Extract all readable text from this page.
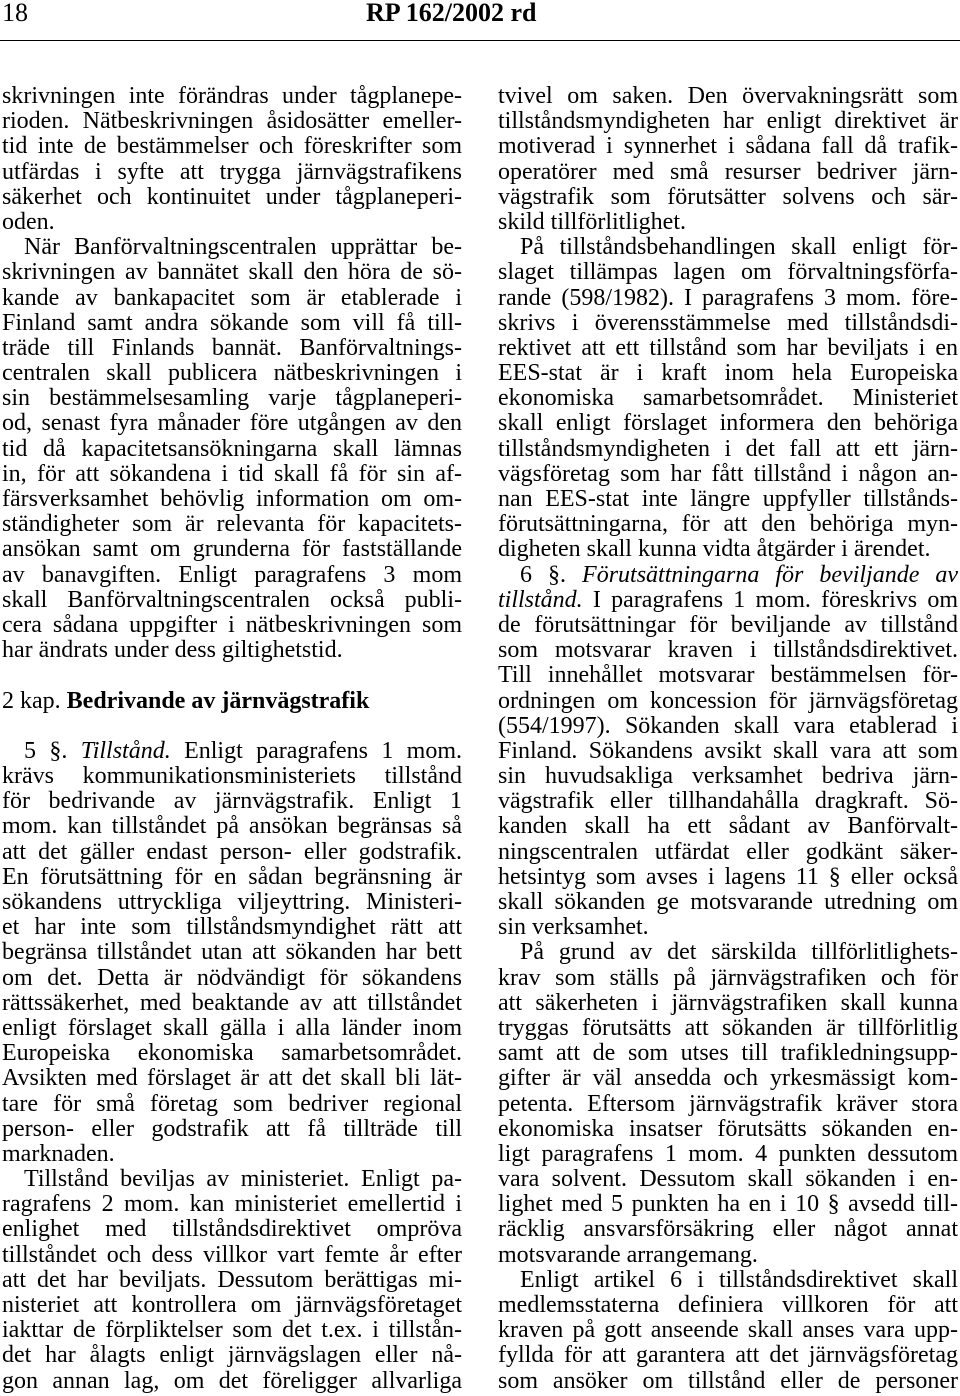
18	RP 162/2002 rd
skrivningen inte förändras under tågplanepe-
rioden. Nätbeskrivningen åsidosätter emeller-
tid inte de bestämmelser och föreskrifter som
utfärdas i syfte att trygga järnvägstrafikens
säkerhet och kontinuitet under tågplaneperi-
oden.
När Banförvaltningscentralen upprättar be-
skrivningen av bannätet skall den höra de sö-
kande av bankapacitet som är etablerade i
Finland samt andra sökande som vill få till-
träde till Finlands bannät. Banförvaltnings-
centralen skall publicera nätbeskrivningen i
sin bestämmelsesamling varje tågplaneperi-
od, senast fyra månader före utgången av den
tid då kapacitetsansökningarna skall lämnas
in, för att sökandena i tid skall få för sin af-
färsverksamhet behövlig information om om-
ständigheter som är relevanta för kapacitets-
ansökan samt om grunderna för fastställande
av banavgiften. Enligt paragrafens 3 mom
skall Banförvaltningscentralen också publi-
cera sådana uppgifter i nätbeskrivningen som
har ändrats under dess giltighetstid.
2 kap. Bedrivande av järnvägstrafik
5 §. Tillstånd. Enligt paragrafens 1 mom.
krävs kommunikationsministeriets tillstånd
för bedrivande av järnvägstrafik. Enligt 1
mom. kan tillståndet på ansökan begränsas så
att det gäller endast person- eller godstrafik.
En förutsättning för en sådan begränsning är
sökandens uttryckliga viljeyttring. Ministeri-
et har inte som tillståndsmyndighet rätt att
begränsa tillståndet utan att sökanden har bett
om det. Detta är nödvändigt för sökandens
rättssäkerhet, med beaktande av att tillståndet
enligt förslaget skall gälla i alla länder inom
Europeiska ekonomiska samarbetsområdet.
Avsikten med förslaget är att det skall bli lät-
tare för små företag som bedriver regional
person- eller godstrafik att få tillträde till
marknaden.
Tillstånd beviljas av ministeriet. Enligt pa-
ragrafens 2 mom. kan ministeriet emellertid i
enlighet med tillståndsdirektivet ompröva
tillståndet och dess villkor vart femte år efter
att det har beviljats. Dessutom berättigas mi-
nisteriet att kontrollera om järnvägsföretaget
iakttar de förpliktelser som det t.ex. i tillstån-
det har ålagts enligt järnvägslagen eller nå-
gon annan lag, om det föreligger allvarliga
tvivel om saken. Den övervakningsrätt som
tillståndsmyndigheten har enligt direktivet är
motiverad i synnerhet i sådana fall då trafik-
operatörer med små resurser bedriver järn-
vägstrafik som förutsätter solvens och sär-
skild tillförlitlighet.
På tillståndsbehandlingen skall enligt för-
slaget tillämpas lagen om förvaltningsförfa-
rande (598/1982). I paragrafens 3 mom. före-
skrivs i överensstämmelse med tillståndsdi-
rektivet att ett tillstånd som har beviljats i en
EES-stat är i kraft inom hela Europeiska
ekonomiska samarbetsområdet. Ministeriet
skall enligt förslaget informera den behöriga
tillståndsmyndigheten i det fall att ett järn-
vägsföretag som har fått tillstånd i någon an-
nan EES-stat inte längre uppfyller tillstånds-
förutsättningarna, för att den behöriga myn-
digheten skall kunna vidta åtgärder i ärendet.
6 §. Förutsättningarna för beviljande av
tillstånd. I paragrafens 1 mom. föreskrivs om
de förutsättningar för beviljande av tillstånd
som motsvarar kraven i tillståndsdirektivet.
Till innehållet motsvarar bestämmelsen för-
ordningen om koncession för järnvägsföretag
(554/1997). Sökanden skall vara etablerad i
Finland. Sökandens avsikt skall vara att som
sin huvudsakliga verksamhet bedriva järn-
vägstrafik eller tillhandahålla dragkraft. Sö-
kanden skall ha ett sådant av Banförvalt-
ningscentralen utfärdat eller godkänt säker-
hetsintyg som avses i lagens 11 § eller också
skall sökanden ge motsvarande utredning om
sin verksamhet.
På grund av det särskilda tillförlitlighets-
krav som ställs på järnvägstrafiken och för
att säkerheten i järnvägstrafiken skall kunna
tryggas förutsätts att sökanden är tillförlitlig
samt att de som utses till trafikledningsupp-
gifter är väl ansedda och yrkesmässigt kom-
petenta. Eftersom järnvägstrafik kräver stora
ekonomiska insatser förutsätts sökanden en-
ligt paragrafens 1 mom. 4 punkten dessutom
vara solvent. Dessutom skall sökanden i en-
lighet med 5 punkten ha en i 10 § avsedd till-
räcklig ansvarsförsäkring eller något annat
motsvarande arrangemang.
Enligt artikel 6 i tillståndsdirektivet skall
medlemsstaterna definiera villkoren för att
kraven på gott anseende skall anses vara upp-
fyllda för att garantera att det järnvägsföretag
som ansöker om tillstånd eller de personer
